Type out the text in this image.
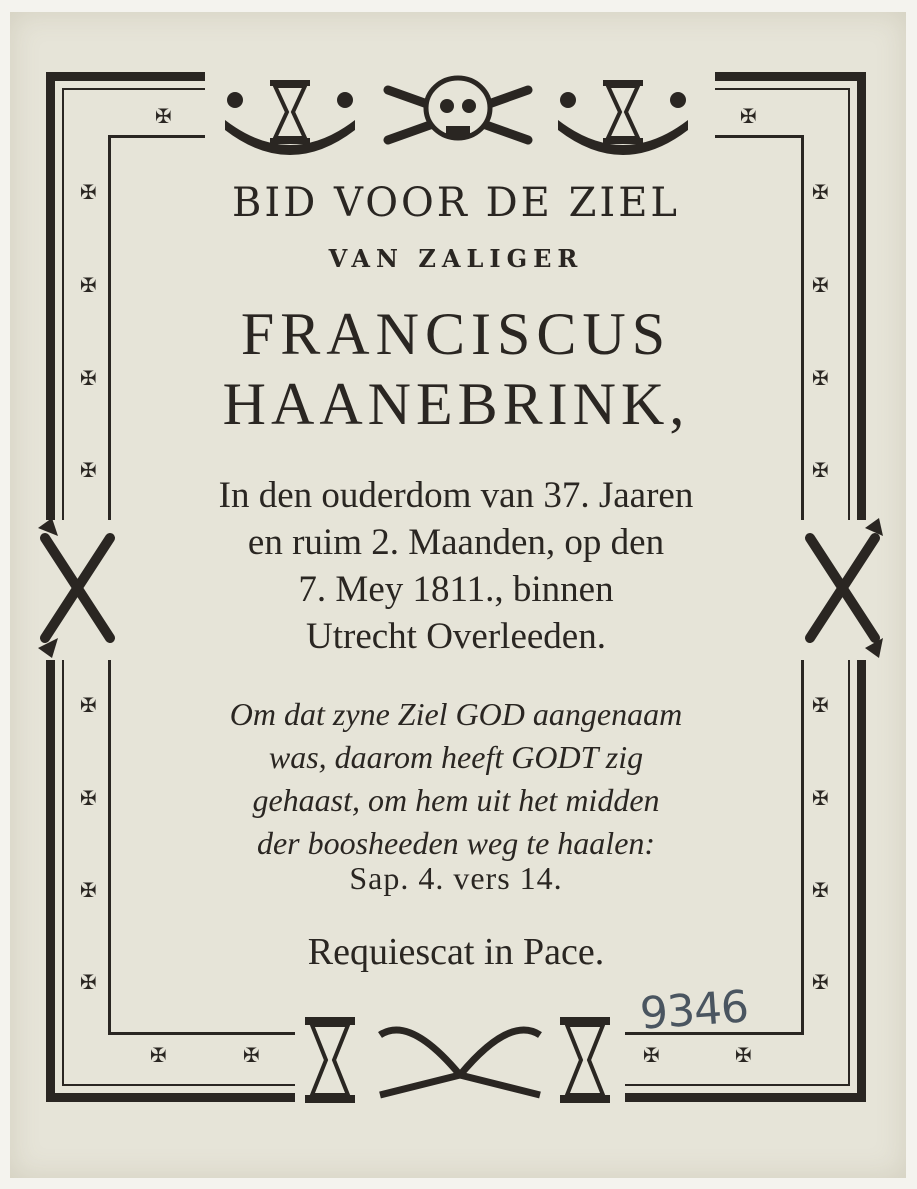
✠	✠
✠
✠
✠
✠
✠
✠
✠
✠
✠
✠
✠
✠
✠
✠
✠
✠
✠	✠	✠	✠
BID VOOR DE ZIEL
VAN ZALIGER
FRANCISCUS
HAANEBRINK,
In den ouderdom van 37. Jaaren
en ruim 2. Maanden, op den
7. Mey 1811., binnen
Utrecht Overleeden.
Om dat zyne Ziel GOD aangenaam
was, daarom heeft GODT zig
gehaast, om hem uit het midden
der boosheeden weg te haalen:
Sap. 4. vers 14.
Requiescat in Pace.
9346
